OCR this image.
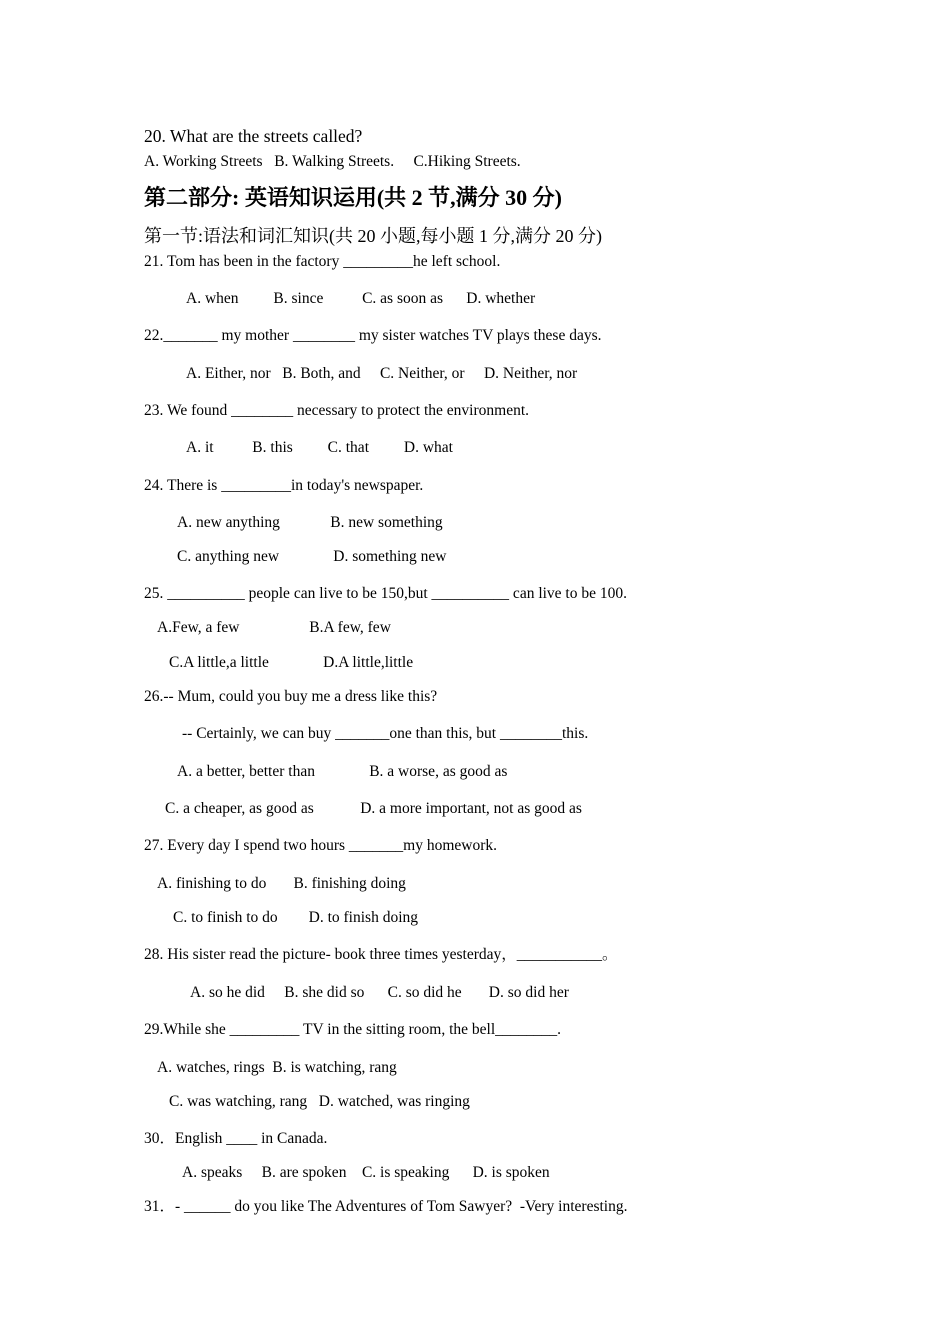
20. What are the streets called?
A. Working Streets   B. Walking Streets.     C.Hiking Streets.
第二部分: 英语知识运用(共 2 节,满分 30 分)
第一节:语法和词汇知识(共 20 小题,每小题 1 分,满分 20 分)
21. Tom has been in the factory _________he left school.
A. when         B. since          C. as soon as      D. whether
22._______ my mother ________ my sister watches TV plays these days.
A. Either, nor   B. Both, and     C. Neither, or     D. Neither, nor
23. We found ________ necessary to protect the environment.
A. it          B. this         C. that         D. what
24. There is _________in today's newspaper.
A. new anything             B. new something
C. anything new              D. something new
25. __________ people can live to be 150,but __________ can live to be 100.
A.Few, a few                  B.A few, few
C.A little,a little              D.A little,little
26.-- Mum, could you buy me a dress like this?
-- Certainly, we can buy _______one than this, but ________this.
A. a better, better than              B. a worse, as good as
C. a cheaper, as good as            D. a more important, not as good as
27. Every day I spend two hours _______my homework.
A. finishing to do       B. finishing doing
C. to finish to do        D. to finish doing
28. His sister read the picture- book three times yesterday，___________。
A. so he did     B. she did so      C. so did he       D. so did her
29.While she _________ TV in the sitting room, the bell________.
A. watches, rings  B. is watching, rang
C. was watching, rang   D. watched, was ringing
30．English ____ in Canada.
A. speaks     B. are spoken    C. is speaking      D. is spoken
31．- ______ do you like The Adventures of Tom Sawyer?  -Very interesting.
